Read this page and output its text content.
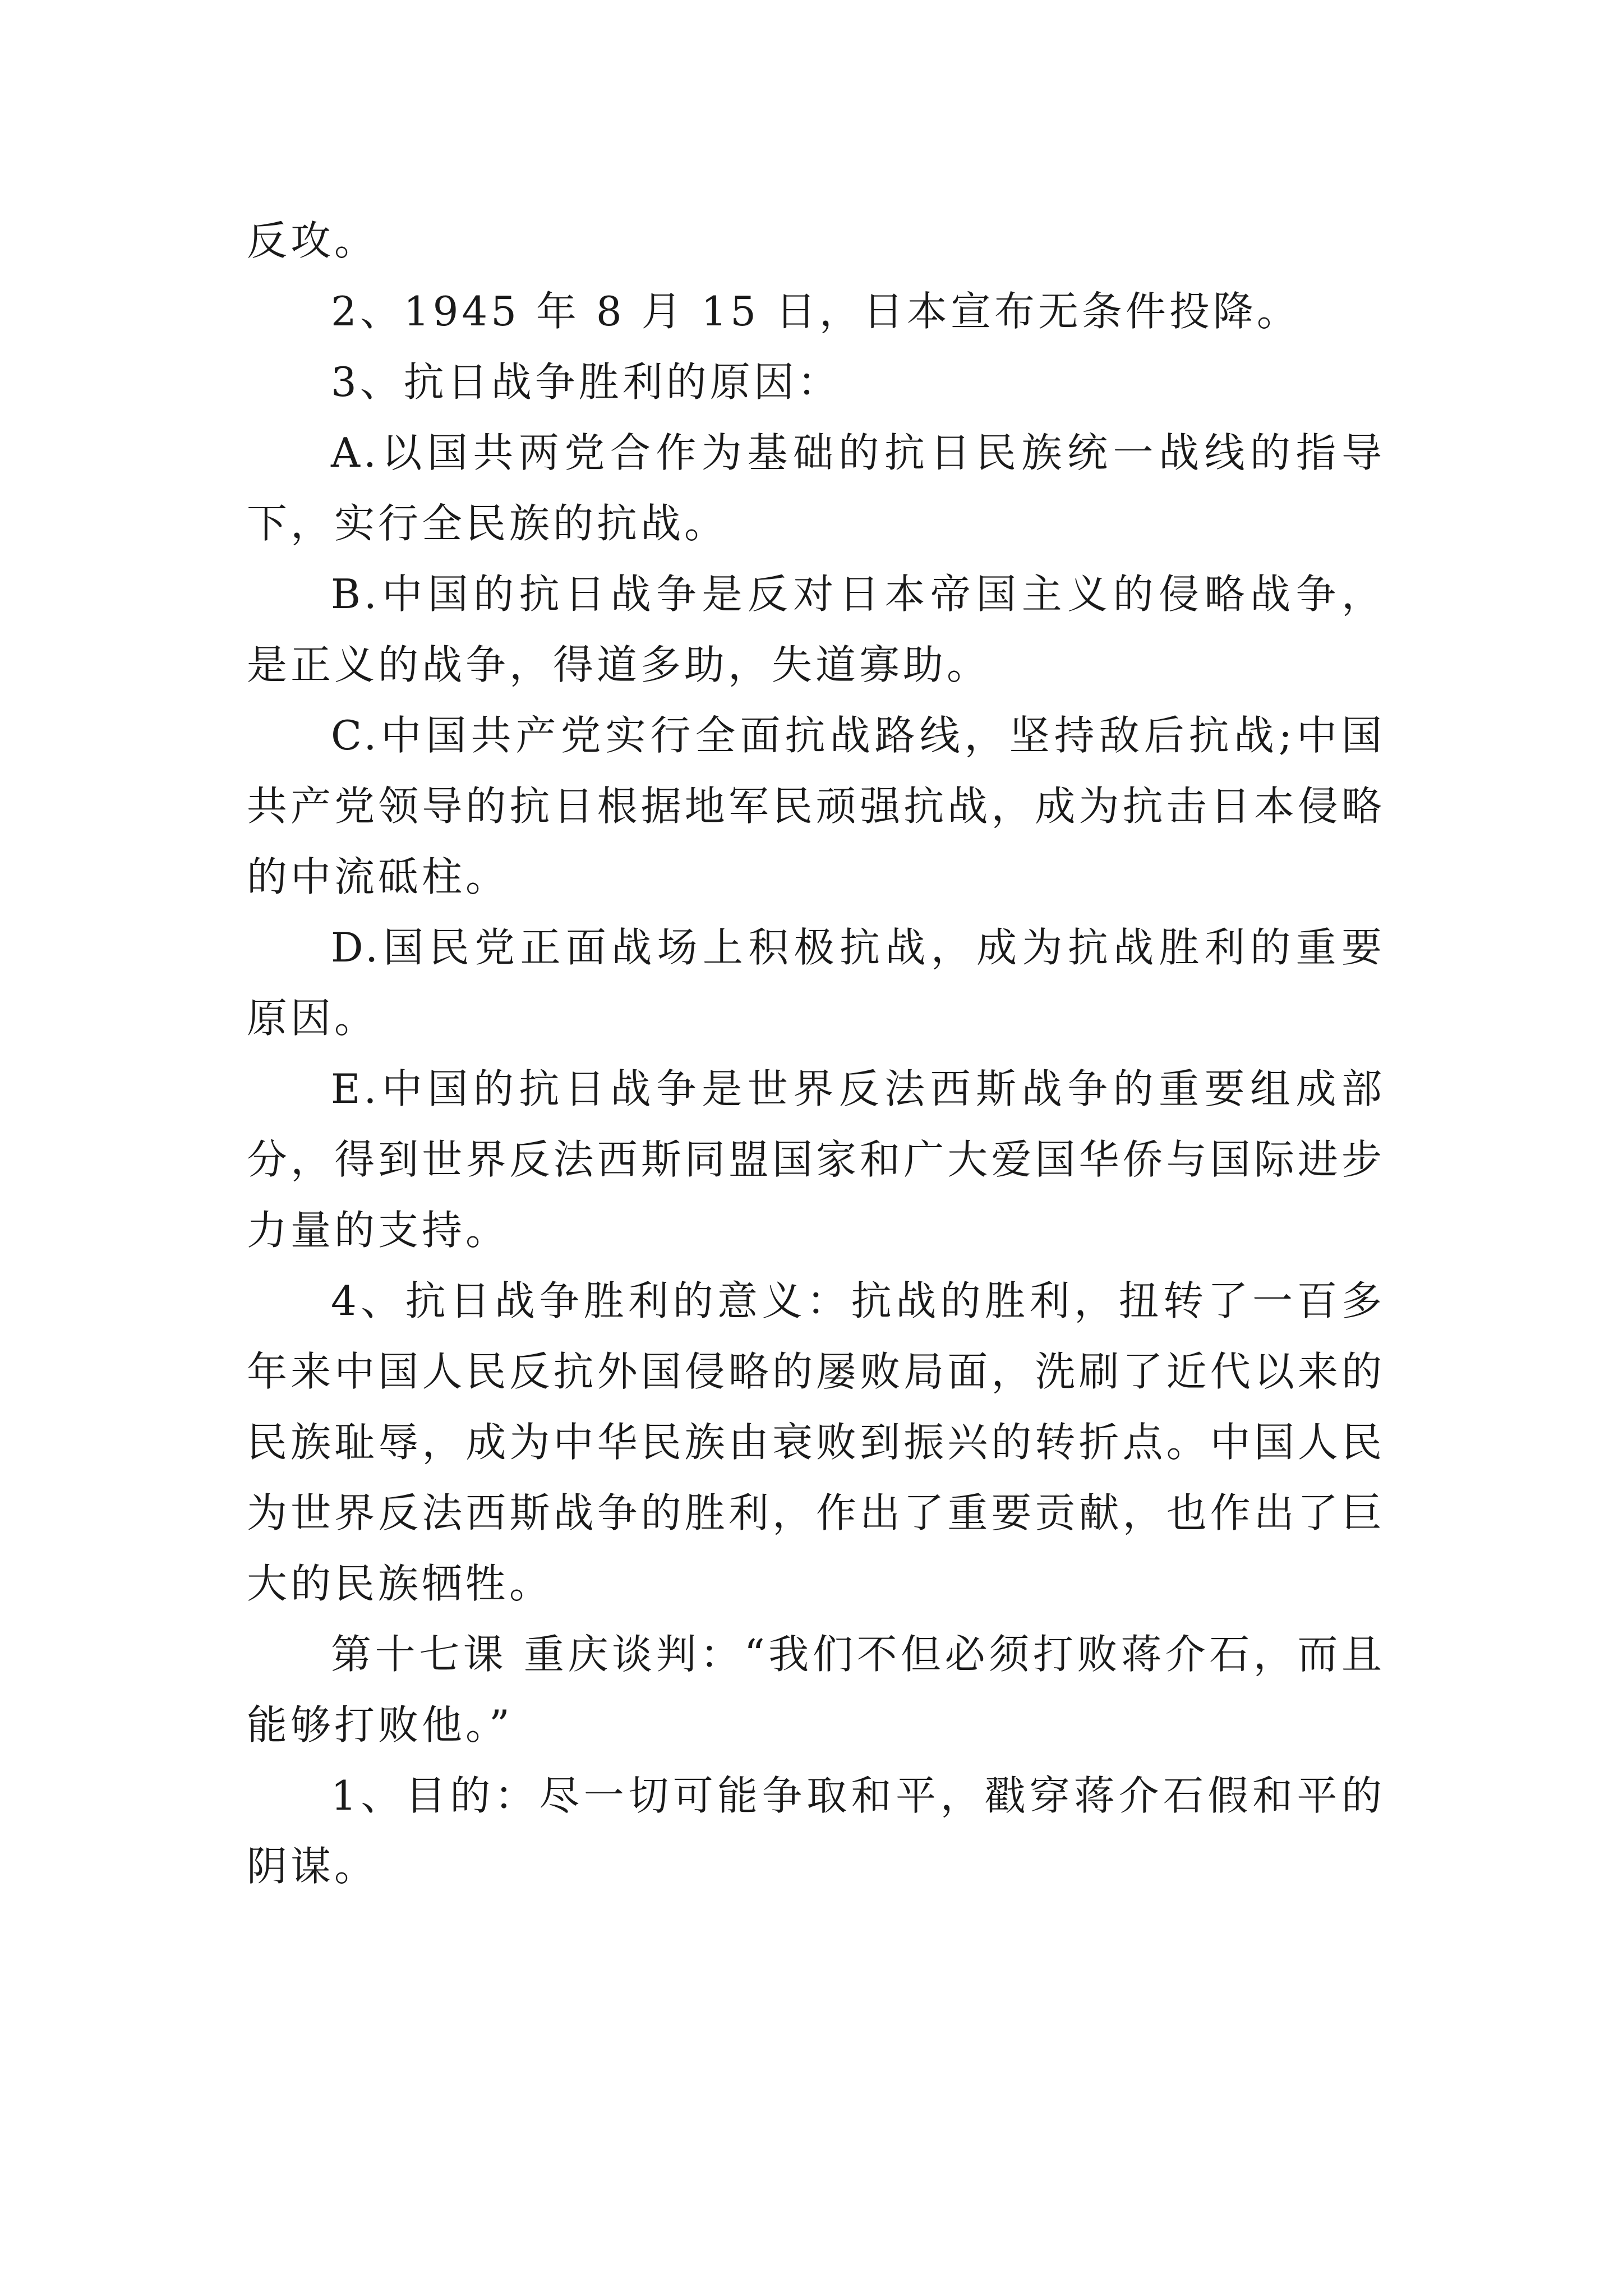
反攻。

2、1945 年 8 月 15 日，日本宣布无条件投降。

3、抗日战争胜利的原因：

A.以国共两党合作为基础的抗日民族统一战线的指导下，实行全民族的抗战。

B.中国的抗日战争是反对日本帝国主义的侵略战争，是正义的战争，得道多助，失道寡助。

C.中国共产党实行全面抗战路线，坚持敌后抗战;中国共产党领导的抗日根据地军民顽强抗战，成为抗击日本侵略的中流砥柱。

D.国民党正面战场上积极抗战，成为抗战胜利的重要原因。

E.中国的抗日战争是世界反法西斯战争的重要组成部分，得到世界反法西斯同盟国家和广大爱国华侨与国际进步力量的支持。

4、抗日战争胜利的意义：抗战的胜利，扭转了一百多年来中国人民反抗外国侵略的屡败局面，洗刷了近代以来的民族耻辱，成为中华民族由衰败到振兴的转折点。中国人民为世界反法西斯战争的胜利，作出了重要贡献，也作出了巨大的民族牺牲。

第十七课 重庆谈判：“我们不但必须打败蒋介石，而且能够打败他。”

1、目的：尽一切可能争取和平，戳穿蒋介石假和平的阴谋。
